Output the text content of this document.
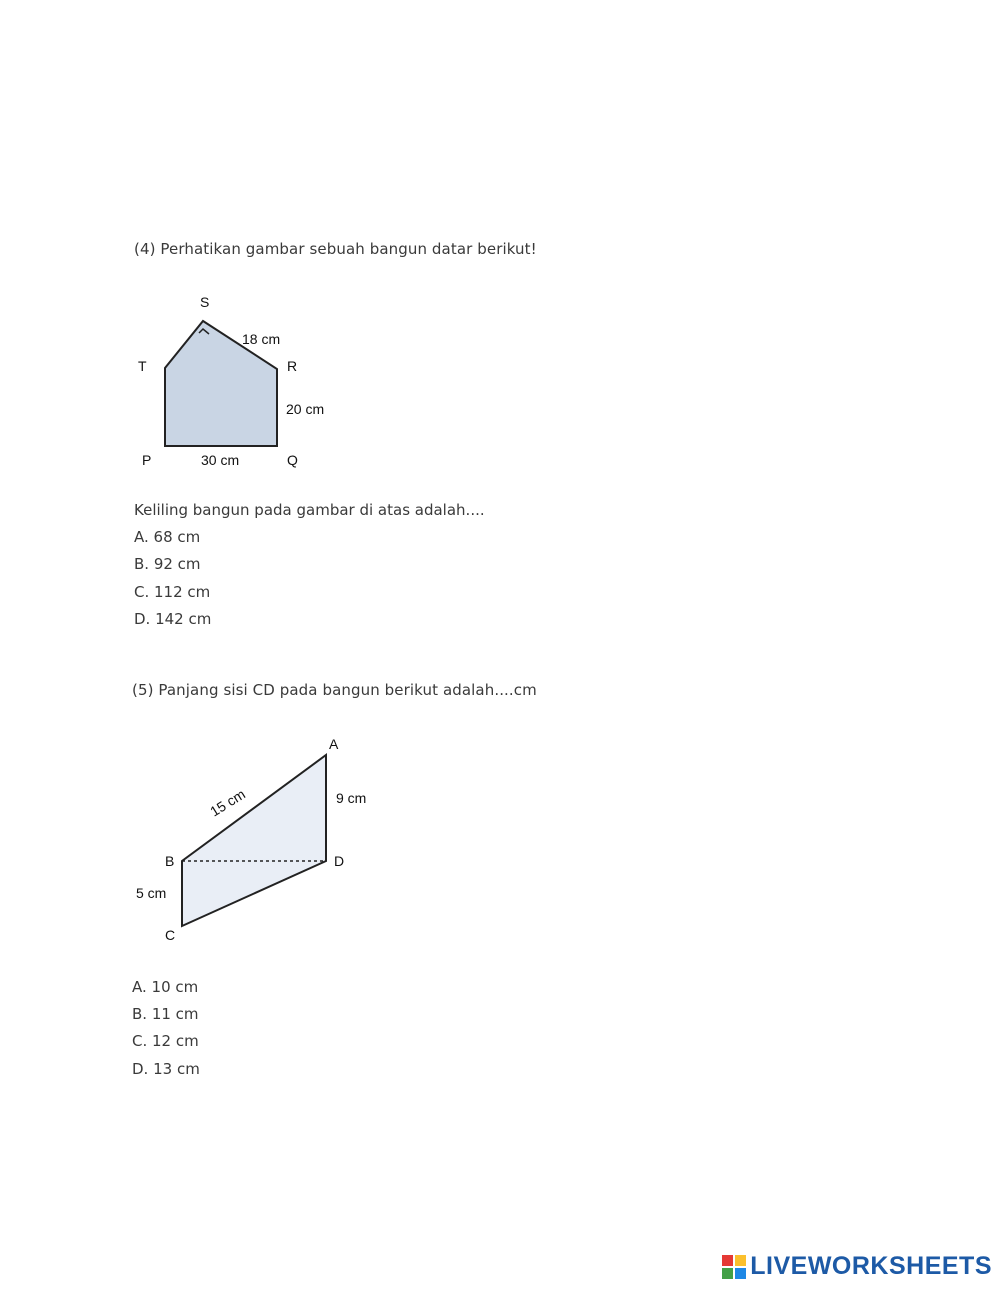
(4) Perhatikan gambar sebuah bangun datar berikut!
S
T	R
P	Q
18 cm
20 cm
30 cm
Keliling bangun pada gambar di atas adalah....
A. 68 cm
B. 92 cm
C. 112 cm
D. 142 cm
(5) Panjang sisi CD pada bangun berikut adalah....cm
A
B
C
D
9 cm
5 cm
15 cm
A. 10 cm
B. 11 cm
C. 12 cm
D. 13 cm
LIVEWORKSHEETS
